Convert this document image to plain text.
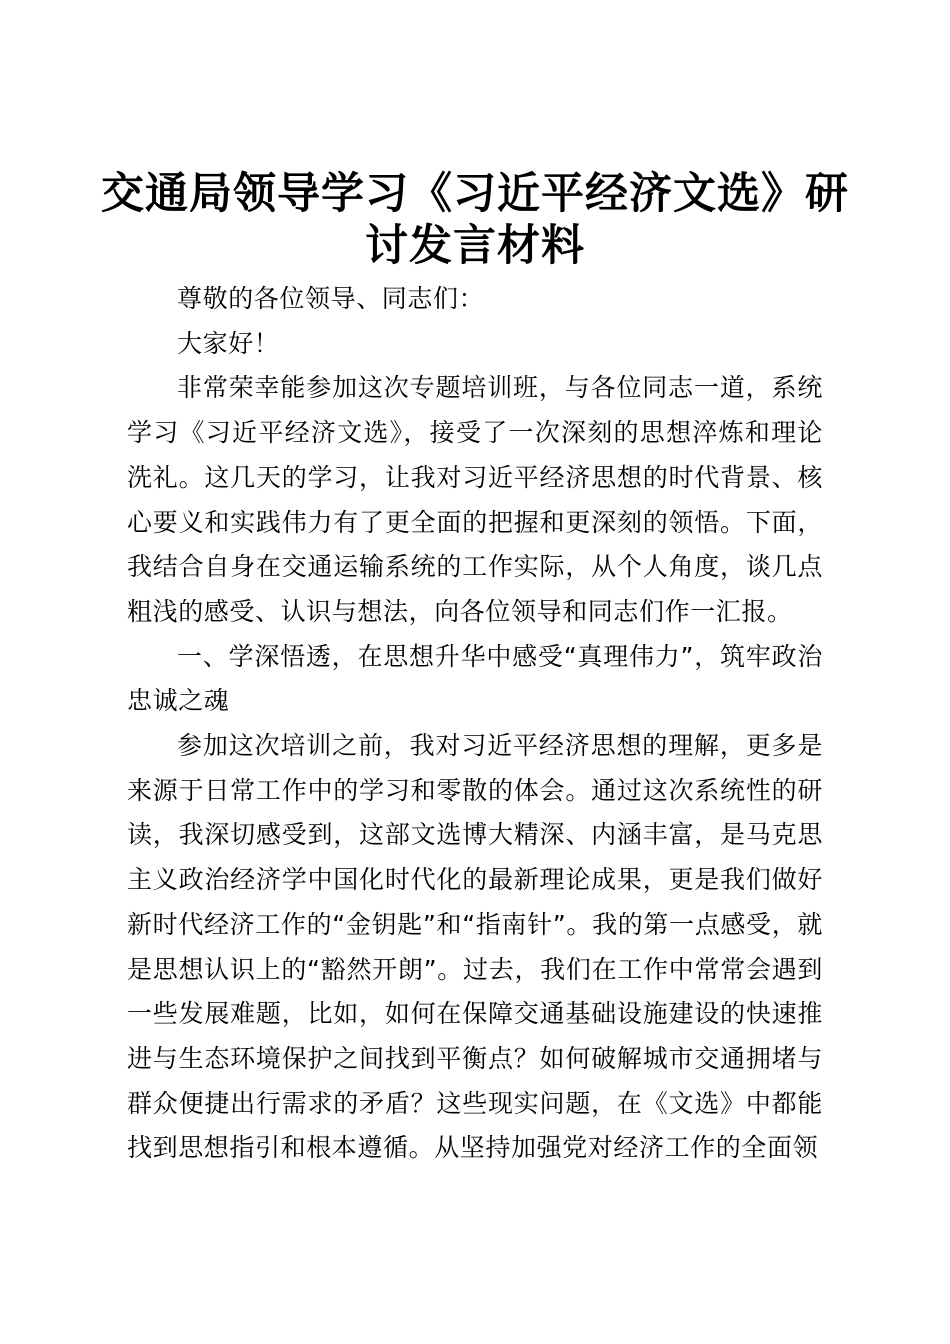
交通局领导学习《习近平经济文选》研讨发言材料

尊敬的各位领导、同志们：

大家好！

非常荣幸能参加这次专题培训班，与各位同志一道，系统学习《习近平经济文选》，接受了一次深刻的思想淬炼和理论洗礼。这几天的学习，让我对习近平经济思想的时代背景、核心要义和实践伟力有了更全面的把握和更深刻的领悟。下面，我结合自身在交通运输系统的工作实际，从个人角度，谈几点粗浅的感受、认识与想法，向各位领导和同志们作一汇报。

一、学深悟透，在思想升华中感受“真理伟力”，筑牢政治忠诚之魂

参加这次培训之前，我对习近平经济思想的理解，更多是来源于日常工作中的学习和零散的体会。通过这次系统性的研读，我深切感受到，这部文选博大精深、内涵丰富，是马克思主义政治经济学中国化时代化的最新理论成果，更是我们做好新时代经济工作的“金钥匙”和“指南针”。我的第一点感受，就是思想认识上的“豁然开朗”。过去，我们在工作中常常会遇到一些发展难题，比如，如何在保障交通基础设施建设的快速推进与生态环境保护之间找到平衡点？如何破解城市交通拥堵与群众便捷出行需求的矛盾？这些现实问题，在《文选》中都能找到思想指引和根本遵循。从坚持加强党对经济工作的全面领
